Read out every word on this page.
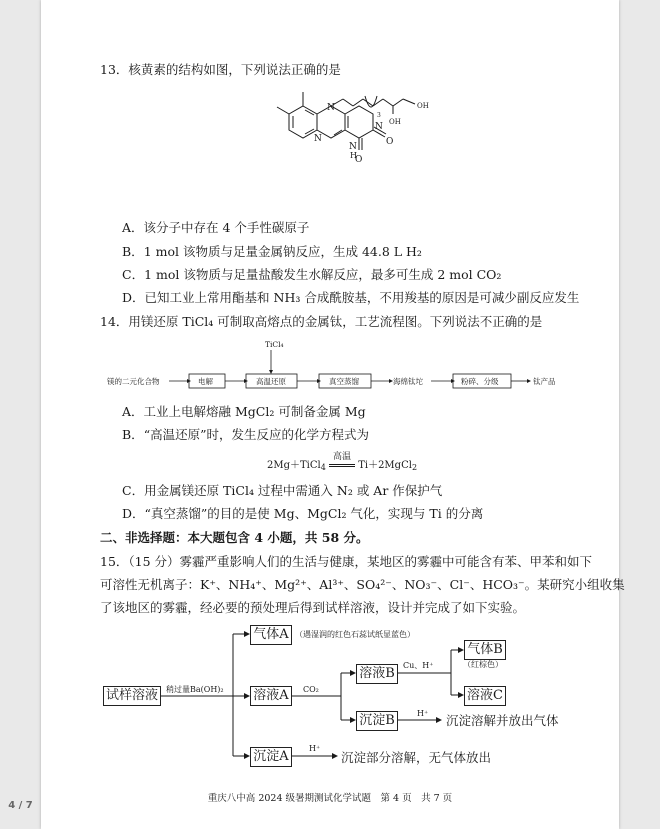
13．核黄素的结构如图，下列说法正确的是
N
N
N
O
O
N
H
OH
OH
3
A．该分子中存在 4 个手性碳原子
B．1 mol 该物质与足量金属钠反应，生成 44.8 L H₂
C．1 mol 该物质与足量盐酸发生水解反应，最多可生成 2 mol CO₂
D．已知工业上常用酯基和 NH₃ 合成酰胺基，不用羧基的原因是可减少副反应发生
14．用镁还原 TiCl₄ 可制取高熔点的金属钛，工艺流程图。下列说法不正确的是
TiCl₄
镁的二元化合物	电解	高温还原	真空蒸馏	海绵钛坨	粉碎、分级	钛产品
A．工业上电解熔融 MgCl₂ 可制备金属 Mg
B．“高温还原”时，发生反应的化学方程式为
2Mg＋TiCl$_4$ 高温
Ti＋2MgCl$_2$
C．用金属镁还原 TiCl₄ 过程中需通入 N₂ 或 Ar 作保护气
D．“真空蒸馏”的目的是使 Mg、MgCl₂ 气化，实现与 Ti 的分离
二、非选择题：本大题包含 4 小题，共 58 分。
15．（15 分）雾霾严重影响人们的生活与健康，某地区的雾霾中可能含有苯、甲苯和如下
可溶性无机离子：K⁺、NH₄⁺、Mg²⁺、Al³⁺、SO₄²⁻、NO₃⁻、Cl⁻、HCO₃⁻。某研究小组收集
了该地区的雾霾，经必要的预处理后得到试样溶液，设计并完成了如下实验。
试样溶液	稍过量Ba(OH)₂
气体A （遇湿润的红色石蕊试纸显蓝色）
溶液A	CO₂
溶液B
Cu、H⁺
气体B
（红棕色）
溶液C
沉淀B	H⁺ 沉淀溶解并放出气体
沉淀A
H⁺
沉淀部分溶解，无气体放出
重庆八中高 2024 级暑期测试化学试题　第 4 页　共 7 页
4 / 7
